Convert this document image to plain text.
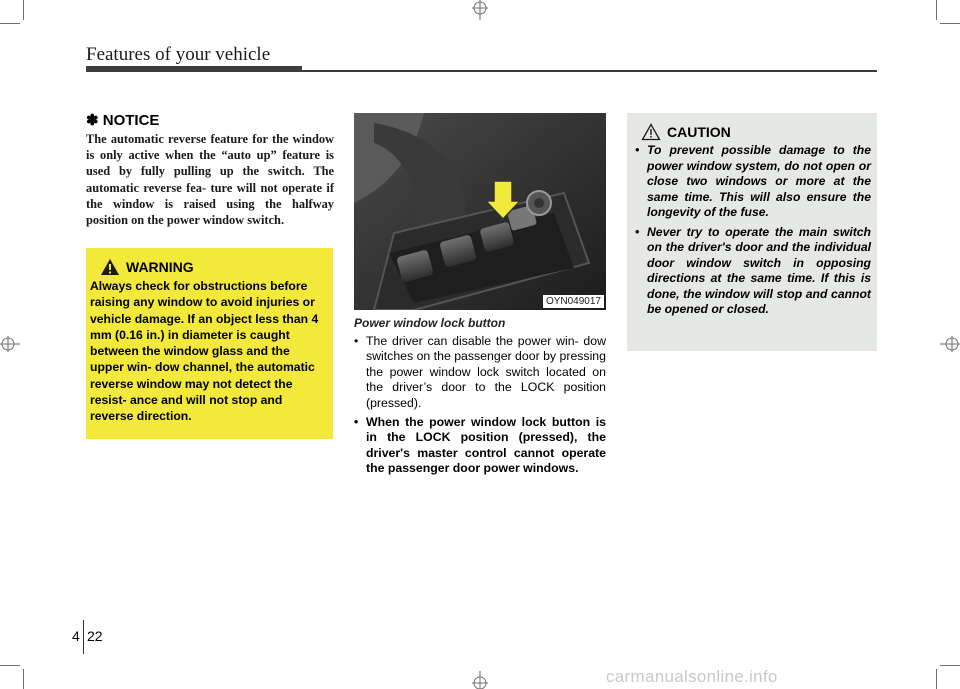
Features of your vehicle
✽ NOTICE
The automatic reverse feature for the window is only active when the “auto up” feature is used by fully pulling up the switch. The automatic reverse fea- ture will not operate if the window is raised using the halfway position on the power window switch.
WARNING
Always check for obstructions before raising any window to avoid injuries or vehicle damage. If an object less than 4 mm (0.16 in.) in diameter is caught between the window glass and the upper win- dow channel, the automatic reverse window may not detect the resist- ance and will not stop and reverse direction.
OYN049017
Power window lock button
• The driver can disable the power win- dow switches on the passenger door by pressing the power window lock switch located on the driver’s door to the LOCK position (pressed).
• When the power window lock button is in the LOCK position (pressed), the driver's master control cannot operate the passenger door power windows.
CAUTION
• To prevent possible damage to the power window system, do not open or close two windows or more at the same time. This will also ensure the longevity of the fuse.
• Never try to operate the main switch on the driver's door and the individual door window switch in opposing directions at the same time. If this is done, the window will stop and cannot be opened or closed.
4 22
carmanualsonline.info
